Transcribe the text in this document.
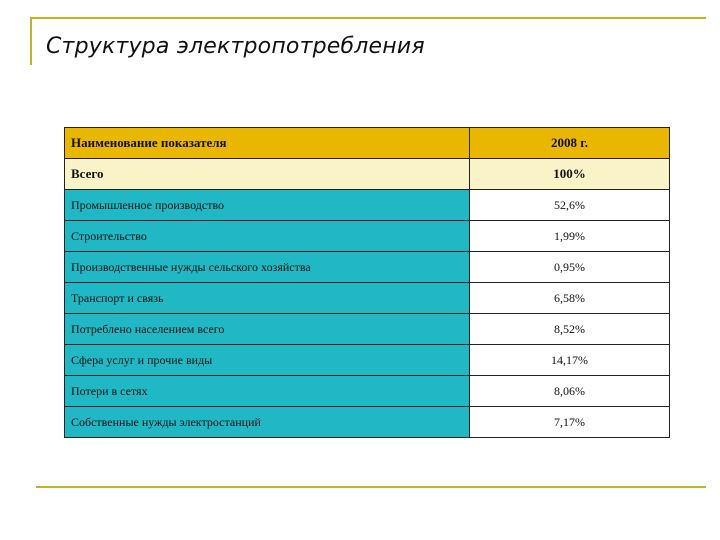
Структура электропотребления
Наименование показателя	2008 г.
Всего	100%
Промышленное производство	52,6%
Строительство	1,99%
Производственные нужды сельского хозяйства	0,95%
Транспорт и связь	6,58%
Потреблено населением всего	8,52%
Сфера услуг и прочие виды	14,17%
Потери в сетях	8,06%
Собственные нужды электростанций	7,17%
